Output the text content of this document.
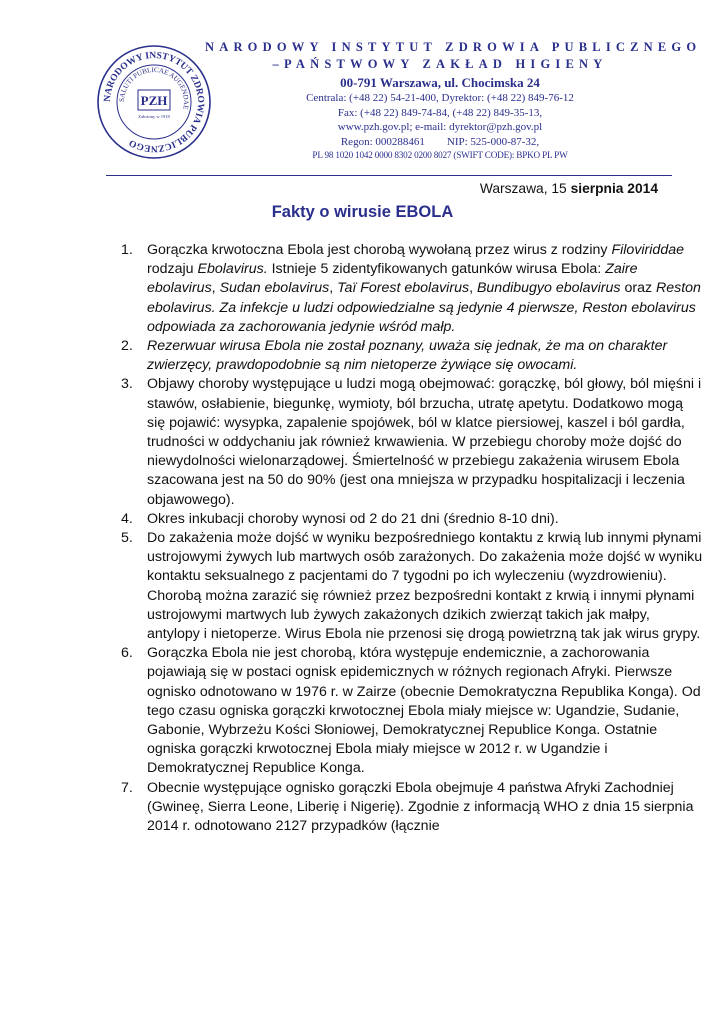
NARODOWY INSTYTUT ZDROWIA PUBLICZNEGO
SALUTI PUBLICAE AUGENDAE
PZH
Założony w 1918
NARODOWY INSTYTUT ZDROWIA PUBLICZNEGO
–PAŃSTWOWY ZAKŁAD HIGIENY
00-791 Warszawa, ul. Chocimska 24
Centrala: (+48 22) 54-21-400, Dyrektor: (+48 22) 849-76-12
Fax: (+48 22) 849-74-84, (+48 22) 849-35-13,
www.pzh.gov.pl; e-mail: dyrektor@pzh.gov.pl
Regon: 000288461        NIP: 525-000-87-32,
PL 98 1020 1042 0000 8302 0200 8027 (SWIFT CODE): BPKO PL PW
Warszawa, 15 sierpnia 2014
Fakty o wirusie EBOLA
1. Gorączka krwotoczna Ebola jest chorobą wywołaną przez wirus z rodziny Filoviriddae rodzaju Ebolavirus. Istnieje 5 zidentyfikowanych gatunków wirusa Ebola: Zaire ebolavirus, Sudan ebolavirus, Taï Forest ebolavirus, Bundibugyo ebolavirus oraz Reston ebolavirus. Za infekcje u ludzi odpowiedzialne są jedynie 4 pierwsze, Reston ebolavirus odpowiada za zachorowania jedynie wśród małp.
2. Rezerwuar wirusa Ebola nie został poznany, uważa się jednak, że ma on charakter zwierzęcy, prawdopodobnie są nim nietoperze żywiące się owocami.
3. Objawy choroby występujące u ludzi mogą obejmować: gorączkę, ból głowy, ból mięśni i stawów, osłabienie, biegunkę, wymioty, ból brzucha, utratę apetytu. Dodatkowo mogą się pojawić: wysypka, zapalenie spojówek, ból w klatce piersiowej, kaszel i ból gardła, trudności w oddychaniu jak również krwawienia. W przebiegu choroby może dojść do niewydolności wielonarządowej. Śmiertelność w przebiegu zakażenia wirusem Ebola szacowana jest na 50 do 90% (jest ona mniejsza w przypadku hospitalizacji i leczenia objawowego).
4. Okres inkubacji choroby wynosi od 2 do 21 dni (średnio 8-10 dni).
5. Do zakażenia może dojść w wyniku bezpośredniego kontaktu z krwią lub innymi płynami ustrojowymi żywych lub martwych osób zarażonych. Do zakażenia może dojść w wyniku kontaktu seksualnego z pacjentami do 7 tygodni po ich wyleczeniu (wyzdrowieniu). Chorobą można zarazić się również przez bezpośredni kontakt z krwią i innymi płynami ustrojowymi martwych lub żywych zakażonych dzikich zwierząt takich jak małpy, antylopy i nietoperze. Wirus Ebola nie przenosi się drogą powietrzną tak jak wirus grypy.
6. Gorączka Ebola nie jest chorobą, która występuje endemicznie, a zachorowania pojawiają się w postaci ognisk epidemicznych w różnych regionach Afryki. Pierwsze ognisko odnotowano w 1976 r. w Zairze (obecnie Demokratyczna Republika Konga). Od tego czasu ogniska gorączki krwotocznej Ebola miały miejsce w: Ugandzie, Sudanie, Gabonie, Wybrzeżu Kości Słoniowej, Demokratycznej Republice Konga. Ostatnie ogniska gorączki krwotocznej Ebola miały miejsce w 2012 r. w Ugandzie i Demokratycznej Republice Konga.
7. Obecnie występujące ognisko gorączki Ebola obejmuje 4 państwa Afryki Zachodniej (Gwineę, Sierra Leone, Liberię i Nigerię). Zgodnie z informacją WHO z dnia 15 sierpnia 2014 r. odnotowano 2127 przypadków (łącznie
